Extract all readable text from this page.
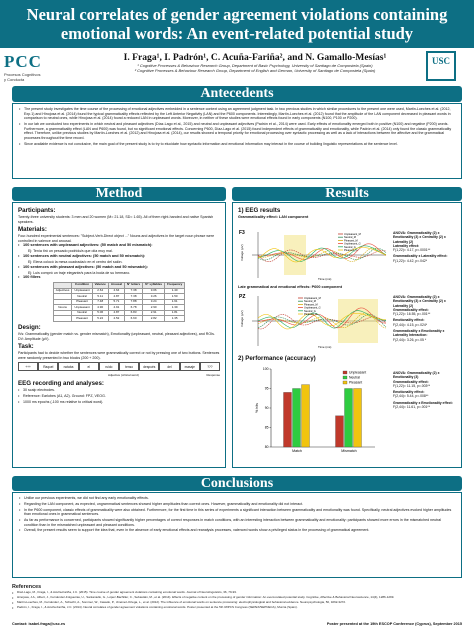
Neural correlates of gender agreement violations containing
emotional words: An event-related potential study
PCC
Procesos Cognitivos
y Conducta
USC
I. Fraga¹, I. Padrón¹, C. Acuña-Fariña², and N. Gamallo-Mesías¹
¹ Cognitive Processes & Behaviour Research Group, Department of Basic Psychology, University of Santiago de Compostela (Spain)
² Cognitive Processes & Behaviour Research Group, Department of English and German, University of Santiago de Compostela (Spain)
Antecedents
• The present study investigates the time course of the processing of emotional adjectives embedded in a sentence context using an agreement judgment task. In two previous studies in which similar procedures to the present one were used, Martin-Loeches et al. (2012, Exp.1) and Hinojosa et al. (2014) found the typical grammaticality effects reflected by the Left Anterior Negativity (LAN) and the P600 components. Interestingly, Martín-Loeches et al. (2012) found that the amplitude of the LAN component decreased in pleasant words in comparison to neutral ones, while Hinojosa et al. (2014) found a reduced LAN in unpleasant words. Moreover, in neither of these studies were emotional effects found in early components (N100, P100 or P200).
• In our lab we conducted two experiments in which neutral and pleasant adjectives (Díaz-Lago et al., 2015) and neutral and unpleasant adjectives (Padrón et al., 2014) were used. Early effects of emotionality emerged both in positive (N100) and negative (P200) words. Furthermore, a grammaticality effect (LAN and P600) was found, but no significant emotional effects. Concerning P600, Díaz-Lago et al. (2015) found independent effects of grammaticality and emotionality, while Padrón et al. (2014) only found the classic grammaticality effect. Therefore, unlike previous studies by Martín-Loeches et al. (2012) and Hinojosa et al. (2014), our results showed a temporal priority for emotional processing over syntactic processing as well as a lack of interactions between the affective and the grammatical processes throughout the time record.
• Since available evidence is not conclusive, the main goal of the present study is to try to elucidate how syntactic information and emotional information may interact in the course of building linguistic representations at the sentence level.
Method
Participants:
Twenty-three university students: 3 men and 20 women (M= 21.18, SD= 1.65). All of them right-handed and native Spanish speakers.
Materials:
Four-hundred experimental sentences: "Subject-Verb-Direct object ..." Nouns and adjectives in the target noun phrase were controlled in valence and arousal.
• 100 sentences with unpleasant adjectives: (50 match and 50 mismatch):
Ej: Tenía tiró un pescado podrido/a que olía muy mal.
• 100 sentences with neutral adjectives: (50 match and 50 mismatch):
Ej: Elena colocó la mesa cuadrada/o en el centro del salón.
• 100 sentences with pleasant adjectives: (50 match and 50 mismatch):
Ej: Luis compró un traje elegante/s para la boda de su hermano.
• 100 fillers
	Condition	Valence	Arousal	N° letters	N° syllables	Frequency
Adjectives	Unpleasant	2.64	4.64	7.38	3.06	1.40
	Neutral	5.11	4.87	7.38	3.26	1.50
	Pleasant	7.48	5.71	7.88	3.24	1.61
Nouns	Unpleasant	4.90	4.91	6.78	2.90	1.39
	Neutral	5.06	4.87	6.83	2.91	1.81
	Pleasant	5.22	4.52	6.60	2.82	1.35
Design:
IVs: Grammaticality (gender match vs. gender mismatch), Emotionality (unpleasant, neutral, pleasant adjectives), and ROIs.
DV: Amplitude (μV).
Task:
Participants had to decide whether the sentences were grammatically correct or not by pressing one of two buttons. Sentences were randomly presented in two blocks (200 + 200).
+++	Raquel	notaba	el	ruido	tenso	después	del	masaje	???
Adjective (critical word)	Response
EEG recording and analyses:
• 30 scalp electrodes.
• Reference: Earlobes (A1, A2). Ground: FPZ, VEOG.
• 1000 ms epochs (-100 ms relative to critical word).
Results
1) EEG results
Grammaticality effect: LAN component
F3
Voltage (μV)
Time (ms)
Unpleasant_M
Neutral_M
Pleasant_M
Unpleasant_G
Neutral_G
Pleasant_G
ANOVA: Grammaticality (2) x Emotionality (3) x Centrality (2) x Laterality (2)
Laterality effect:
F(1,22)= 4.17, p=.0001**
Grammaticality x Laterality effect:
F(1,22)= 4.42, p=.042*
Late grammatical and emotional effects: P600 component
PZ
Voltage (μV)
Time (ms)
Unpleasant_M
Neutral_M
Pleasant_M
Unpleasant_G
Neutral_G
Pleasant_G
ANOVA: Grammaticality (2) x Emotionality (3) x Centrality (2) x Laterality (2)
Grammaticality effect:
F(1,22)= 16.55, p=.001**
Emotionality effect:
F(2,44)= 4.15, p=.024*
Grammaticality x Emotionality x Laterality Interaction:
F(2,44)= 3.26, p=.05 *
2) Performance (accuracy)
80
85
90
95
100
% hits
Match	Mismatch
Unpleasant
Neutral
Pleasant
ANOVA: Grammaticality (2) x Emotionality (3)
Grammaticality effect:
F(1,22)= 11.15, p=.003**
Emotionality effect:
F(2,44)= 5.44, p=.008**
Grammaticality x Emotionality effect:
F(2,44)= 11.61, p=.001**
Conclusions
• Unlike our previous experiments, we did not find any early emotionality effects.
• Regarding the LAN component, as expected, ungrammatical sentences showed higher amplitudes than correct ones. However, grammaticality and emotionality did not interact.
• In the P600 component, classic effects of grammaticality were also obtained. Furthermore, for the first time in this series of experiments a significant interaction between grammaticality and emotionality was found. Specifically, neutral adjectives evoked higher amplitudes than emotional ones in grammatical sentences.
• As far as performance is concerned, participants showed significantly higher percentages of correct responses in match conditions, with an interesting interaction between grammaticality and emotionality: participants showed more errors in the mismatched neutral condition than in the mismatched unpleasant and pleasant conditions.
• Overall, the present results seem to support the idea that, even in the absence of early emotional effects and reanalysis processes, valenced words show a privileged status in the processing of grammatical agreement.
References
• Díaz-Lago, M., Fraga, I., & Acuña-Fariña, J.C. (2015). Time course of gender agreement violations containing emotional words. Journal of Neurolinguistics, 36, 79-93.
• Hinojosa, J.A., Albert, J., Fernández-Folgueiras, U., Santaniello, G., López-Bachiller, C., Sebastián, M., et al. (2014). Effects of negative content on the processing of gender information: An event-related potential study. Cognitive, Affective & Behavioral Neuroscience, 14(4), 1286-1299.
• Martín-Loeches, M., Fernández, A., Schacht, A., Sommer, W., Casado, P., Jiménez-Ortega, L., et al. (2012). The influence of emotional words on sentence processing: electrophysiological and behavioral evidence. Neuropsychologia, 50, 3262-3272.
• Padrón, I., Fraga, I., & Acuña-Fariña, J.C. (2014). Neural correlates of gender agreement violations containing emotional words. Poster presented at the 5th IWPCS Congress (SEPEX/SEPNECA), Murcia (Spain).
Contact: isabel.fraga@usc.es	Poster presented at the 19th ESCOP Conference (Cyprus), September 2015
